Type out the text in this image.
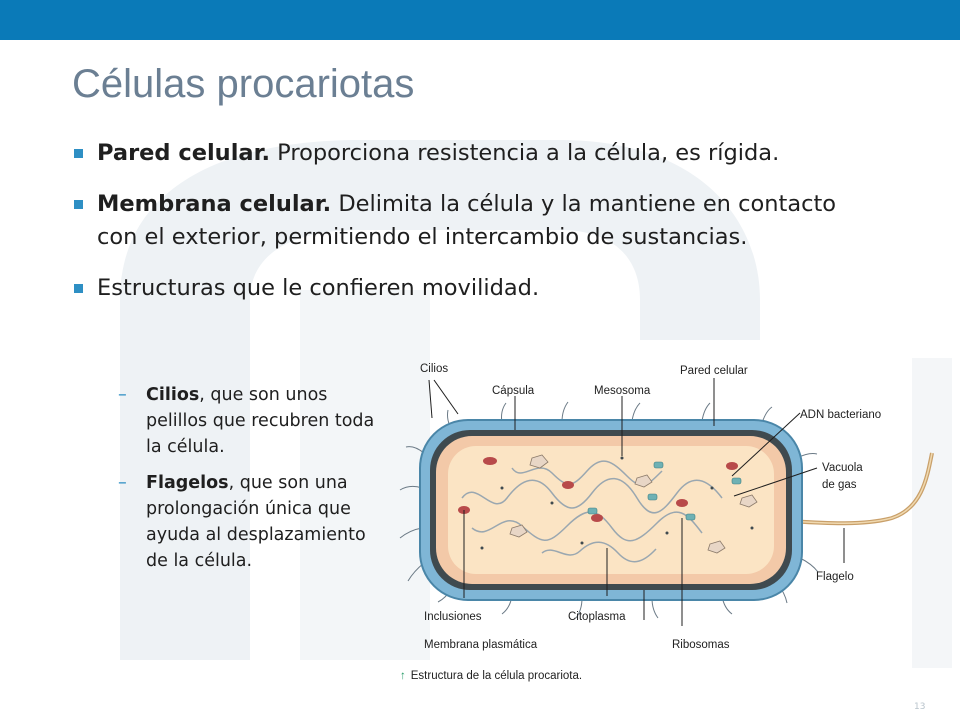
Células procariotas
Pared celular. Proporciona resistencia a la célula, es rígida.
Membrana celular. Delimita la célula y la mantiene en contacto con el exterior, permitiendo el intercambio de sustancias.
Estructuras que le confieren movilidad.
– Cilios, que son unos pelillos que recubren toda la célula.
– Flagelos, que son una prolongación única que ayuda al desplazamiento de la célula.
Cilios
Cápsula	Mesosoma
Pared celular
ADN bacteriano
Vacuola de gas
Flagelo
Inclusiones	Citoplasma
Membrana plasmática	Ribosomas
↑ Estructura de la célula procariota.
13
